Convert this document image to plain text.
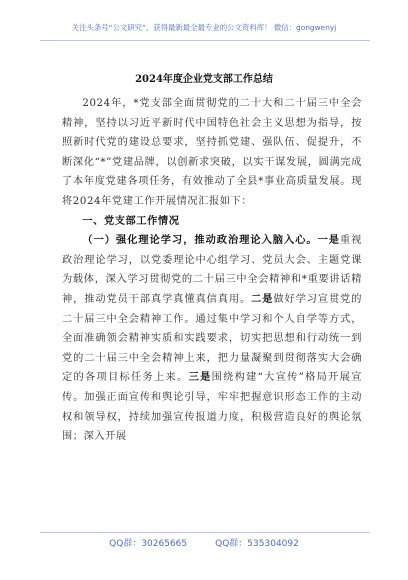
关注头条号“公文研究”，获得最新最全最专业的公文资料库！ 微信：gongwenyj
2024年度企业党支部工作总结

2024年，*党支部全面贯彻党的二十大和二十届三中全会精神，坚持以习近平新时代中国特色社会主义思想为指导，按照新时代党的建设总要求，坚持抓党建、强队伍、促提升，不断深化“*”党建品牌，以创新求突破，以实干谋发展，圆满完成了本年度党建各项任务，有效推动了全县*事业高质量发展。现将2024年党建工作开展情况汇报如下：

一、党支部工作情况

（一）强化理论学习，推动政治理论入脑入心。一是重视政治理论学习，以党委理论中心组学习、党员大会、主题党课为载体，深入学习贯彻党的二十届三中全会精神和*重要讲话精神，推动党员干部真学真懂真信真用。二是做好学习宣贯党的二十届三中全会精神工作。通过集中学习和个人自学等方式，全面准确领会精神实质和实践要求，切实把思想和行动统一到党的二十届三中全会精神上来，把力量凝聚到贯彻落实大会确定的各项目标任务上来。三是围绕构建“大宣传”格局开展宣传。加强正面宣传和舆论引导，牢牢把握意识形态工作的主动权和领导权，持续加强宣传报道力度，积极营造良好的舆论氛围；深入开展

QQ群：30265665	QQ群：535304092
